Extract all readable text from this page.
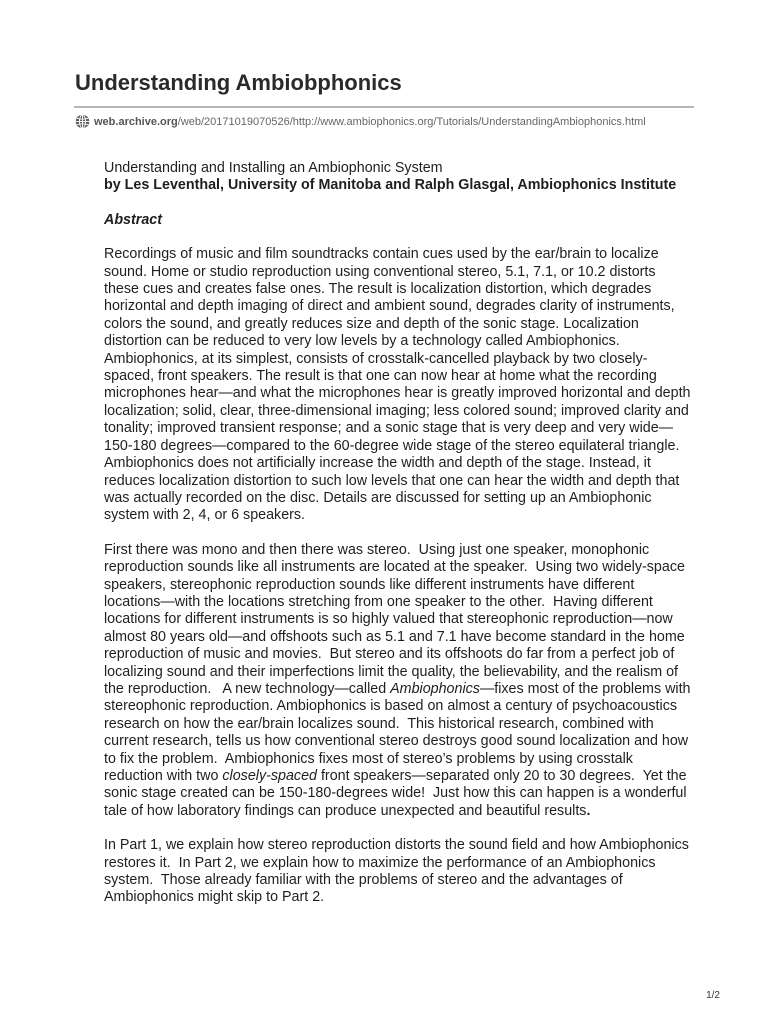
Understanding Ambiobphonics
web.archive.org /web/20171019070526/http://www.ambiophonics.org/Tutorials/UnderstandingAmbiophonics.html

Understanding and Installing an Ambiophonic System

by Les Leventhal, University of Manitoba and Ralph Glasgal, Ambiophonics Institute

Abstract

Recordings of music and film soundtracks contain cues used by the ear/brain to localize sound. Home or studio reproduction using conventional stereo, 5.1, 7.1, or 10.2 distorts these cues and creates false ones. The result is localization distortion, which degrades horizontal and depth imaging of direct and ambient sound, degrades clarity of instruments, colors the sound, and greatly reduces size and depth of the sonic stage. Localization distortion can be reduced to very low levels by a technology called Ambiophonics. Ambiophonics, at its simplest, consists of crosstalk-cancelled playback by two closely-spaced, front speakers. The result is that one can now hear at home what the recording microphones hear—and what the microphones hear is greatly improved horizontal and depth localization; solid, clear, three-dimensional imaging; less colored sound; improved clarity and tonality; improved transient response; and a sonic stage that is very deep and very wide—150-180 degrees—compared to the 60-degree wide stage of the stereo equilateral triangle. Ambiophonics does not artificially increase the width and depth of the stage. Instead, it reduces localization distortion to such low levels that one can hear the width and depth that was actually recorded on the disc. Details are discussed for setting up an Ambiophonic system with 2, 4, or 6 speakers.

First there was mono and then there was stereo.  Using just one speaker, monophonic reproduction sounds like all instruments are located at the speaker.  Using two widely-space speakers, stereophonic reproduction sounds like different instruments have different locations—with the locations stretching from one speaker to the other.  Having different locations for different instruments is so highly valued that stereophonic reproduction—now almost 80 years old—and offshoots such as 5.1 and 7.1 have become standard in the home reproduction of music and movies.  But stereo and its offshoots do far from a perfect job of localizing sound and their imperfections limit the quality, the believability, and the realism of the reproduction.   A new technology—called Ambiophonics—fixes most of the problems with stereophonic reproduction. Ambiophonics is based on almost a century of psychoacoustics research on how the ear/brain localizes sound.  This historical research, combined with current research, tells us how conventional stereo destroys good sound localization and how to fix the problem.  Ambiophonics fixes most of stereo’s problems by using crosstalk reduction with two closely-spaced front speakers—separated only 20 to 30 degrees.  Yet the sonic stage created can be 150-180-degrees wide!  Just how this can happen is a wonderful tale of how laboratory findings can produce unexpected and beautiful results.

In Part 1, we explain how stereo reproduction distorts the sound field and how Ambiophonics restores it.  In Part 2, we explain how to maximize the performance of an Ambiophonics system.  Those already familiar with the problems of stereo and the advantages of Ambiophonics might skip to Part 2.

1/2
